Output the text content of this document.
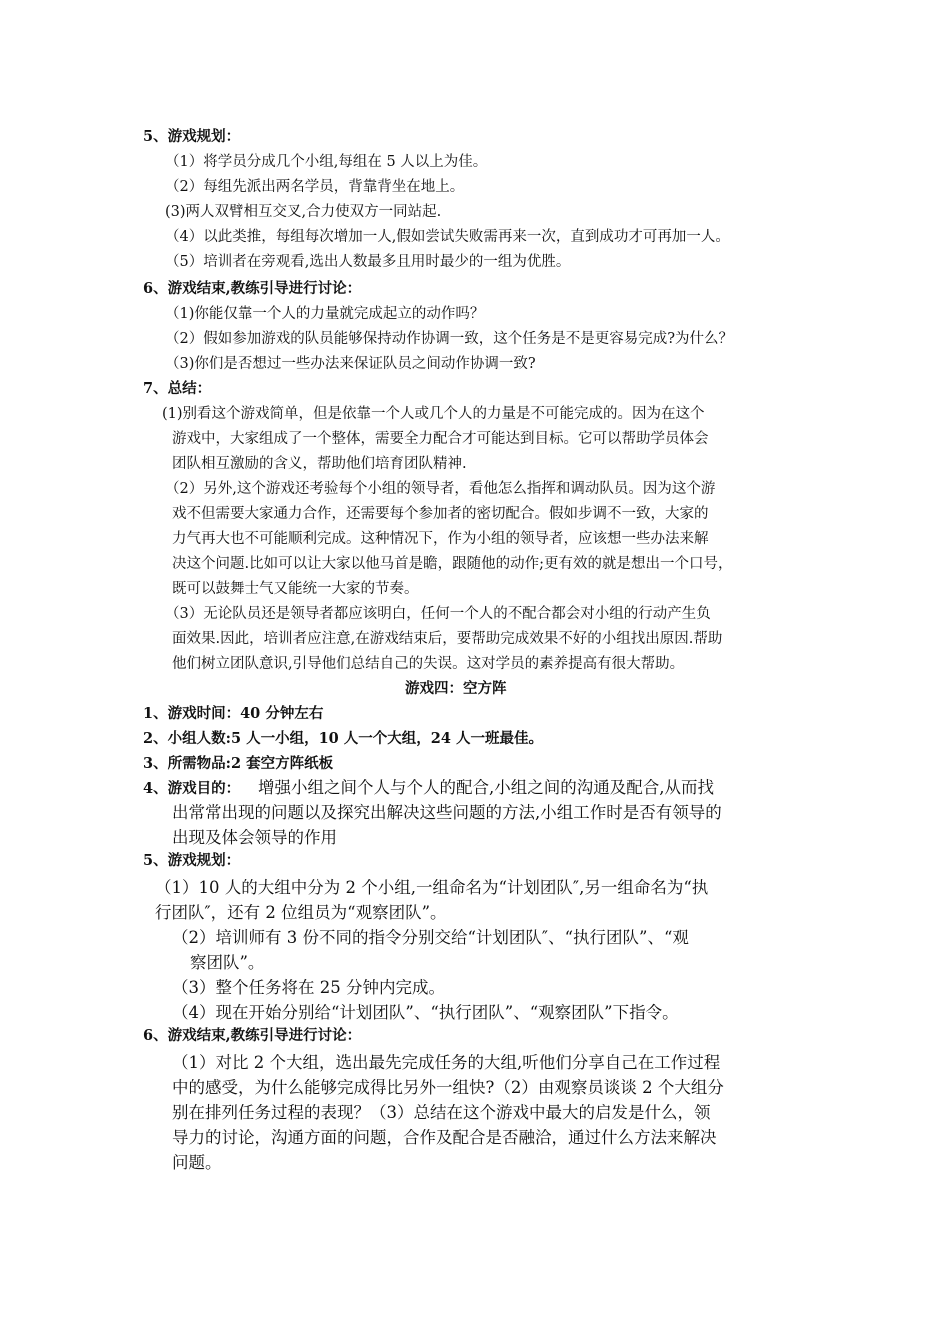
5、游戏规划：
（1）将学员分成几个小组,每组在 5 人以上为佳。
（2）每组先派出两名学员，背靠背坐在地上。
(3)两人双臂相互交叉,合力使双方一同站起.
（4）以此类推，每组每次增加一人,假如尝试失败需再来一次，直到成功才可再加一人。
（5）培训者在旁观看,选出人数最多且用时最少的一组为优胜。
6、游戏结束,教练引导进行讨论：
（1)你能仅靠一个人的力量就完成起立的动作吗？
（2）假如参加游戏的队员能够保持动作协调一致，这个任务是不是更容易完成?为什么？
（3)你们是否想过一些办法来保证队员之间动作协调一致?
7、总结：
(1)别看这个游戏简单，但是依靠一个人或几个人的力量是不可能完成的。因为在这个
游戏中，大家组成了一个整体，需要全力配合才可能达到目标。它可以帮助学员体会
团队相互激励的含义，帮助他们培育团队精神.
（2）另外,这个游戏还考验每个小组的领导者，看他怎么指挥和调动队员。因为这个游
戏不但需要大家通力合作，还需要每个参加者的密切配合。假如步调不一致，大家的
力气再大也不可能顺利完成。这种情况下，作为小组的领导者，应该想一些办法来解
决这个问题.比如可以让大家以他马首是瞻，跟随他的动作;更有效的就是想出一个口号，
既可以鼓舞士气又能统一大家的节奏。
（3）无论队员还是领导者都应该明白，任何一个人的不配合都会对小组的行动产生负
面效果.因此，培训者应注意,在游戏结束后，要帮助完成效果不好的小组找出原因.帮助
他们树立团队意识,引导他们总结自己的失误。这对学员的素养提高有很大帮助。
游戏四：空方阵
1、游戏时间：40 分钟左右
2、小组人数:5 人一小组，10 人一个大组，24 人一班最佳。
3、所需物品:2 套空方阵纸板
4、游戏目的： 增强小组之间个人与个人的配合,小组之间的沟通及配合,从而找
出常常出现的问题以及探究出解决这些问题的方法,小组工作时是否有领导的
出现及体会领导的作用
5、游戏规划：
（1）10 人的大组中分为 2 个小组,一组命名为“计划团队″,另一组命名为“执
行团队″，还有 2 位组员为“观察团队”。
（2）培训师有 3 份不同的指令分别交给“计划团队″、“执行团队”、“观
察团队”。
（3）整个任务将在 25 分钟内完成。
（4）现在开始分别给“计划团队”、“执行团队”、“观察团队”下指令。
6、游戏结束,教练引导进行讨论：
（1）对比 2 个大组，选出最先完成任务的大组,听他们分享自己在工作过程
中的感受，为什么能够完成得比另外一组快?（2）由观察员谈谈 2 个大组分
别在排列任务过程的表现？（3）总结在这个游戏中最大的启发是什么，领
导力的讨论，沟通方面的问题，合作及配合是否融洽，通过什么方法来解决
问题。
